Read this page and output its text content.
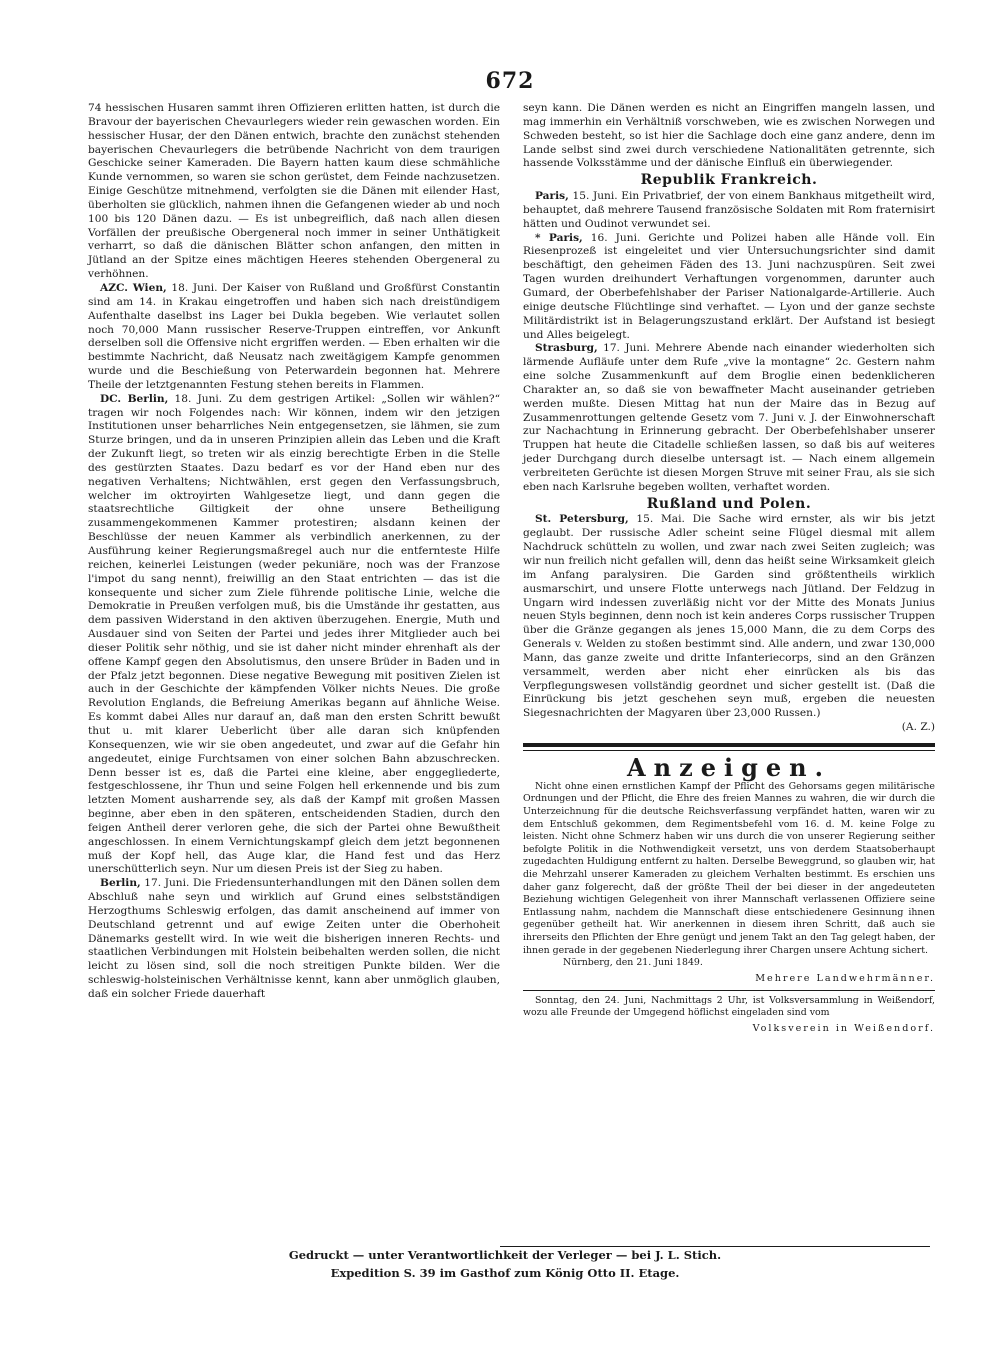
672

74 hessischen Husaren sammt ihren Offizieren erlitten hatten, ist durch die Bravour der bayerischen Chevaurlegers wieder rein gewaschen worden. Ein hessischer Husar, der den Dänen entwich, brachte den zunächst stehenden bayerischen Chevaurlegers die betrübende Nachricht von dem traurigen Geschicke seiner Kameraden. Die Bayern hatten kaum diese schmähliche Kunde vernommen, so waren sie schon gerüstet, dem Feinde nachzusetzen. Einige Geschütze mitnehmend, verfolgten sie die Dänen mit eilender Hast, überholten sie glücklich, nahmen ihnen die Gefangenen wieder ab und noch 100 bis 120 Dänen dazu. — Es ist unbegreiflich, daß nach allen diesen Vorfällen der preußische Obergeneral noch immer in seiner Unthätigkeit verharrt, so daß die dänischen Blätter schon anfangen, den mitten in Jütland an der Spitze eines mächtigen Heeres stehenden Obergeneral zu verhöhnen.

AZC. Wien, 18. Juni. Der Kaiser von Rußland und Großfürst Constantin sind am 14. in Krakau eingetroffen und haben sich nach dreistündigem Aufenthalte daselbst ins Lager bei Dukla begeben. Wie verlautet sollen noch 70,000 Mann russischer Reserve-Truppen eintreffen, vor Ankunft derselben soll die Offensive nicht ergriffen werden. — Eben erhalten wir die bestimmte Nachricht, daß Neusatz nach zweitägigem Kampfe genommen wurde und die Beschießung von Peterwardein begonnen hat. Mehrere Theile der letztgenannten Festung stehen bereits in Flammen.

DC. Berlin, 18. Juni. Zu dem gestrigen Artikel: „Sollen wir wählen?“ tragen wir noch Folgendes nach: Wir können, indem wir den jetzigen Institutionen unser beharrliches Nein entgegensetzen, sie lähmen, sie zum Sturze bringen, und da in unseren Prinzipien allein das Leben und die Kraft der Zukunft liegt, so treten wir als einzig berechtigte Erben in die Stelle des gestürzten Staates. Dazu bedarf es vor der Hand eben nur des negativen Verhaltens; Nichtwählen, erst gegen den Verfassungsbruch, welcher im oktroyirten Wahlgesetze liegt, und dann gegen die staatsrechtliche Giltigkeit der ohne unsere Betheiligung zusammengekommenen Kammer protestiren; alsdann keinen der Beschlüsse der neuen Kammer als verbindlich anerkennen, zu der Ausführung keiner Regierungsmaßregel auch nur die entfernteste Hilfe reichen, keinerlei Leistungen (weder pekuniäre, noch was der Franzose l'impot du sang nennt), freiwillig an den Staat entrichten — das ist die konsequente und sicher zum Ziele führende politische Linie, welche die Demokratie in Preußen verfolgen muß, bis die Umstände ihr gestatten, aus dem passiven Widerstand in den aktiven überzugehen. Energie, Muth und Ausdauer sind von Seiten der Partei und jedes ihrer Mitglieder auch bei dieser Politik sehr nöthig, und sie ist daher nicht minder ehrenhaft als der offene Kampf gegen den Absolutismus, den unsere Brüder in Baden und in der Pfalz jetzt begonnen. Diese negative Bewegung mit positiven Zielen ist auch in der Geschichte der kämpfenden Völker nichts Neues. Die große Revolution Englands, die Befreiung Amerikas begann auf ähnliche Weise. Es kommt dabei Alles nur darauf an, daß man den ersten Schritt bewußt thut u. mit klarer Ueberlicht über alle daran sich knüpfenden Konsequenzen, wie wir sie oben angedeutet, und zwar auf die Gefahr hin angedeutet, einige Furchtsamen von einer solchen Bahn abzuschrecken. Denn besser ist es, daß die Partei eine kleine, aber enggegliederte, festgeschlossene, ihr Thun und seine Folgen hell erkennende und bis zum letzten Moment ausharrende sey, als daß der Kampf mit großen Massen beginne, aber eben in den späteren, entscheidenden Stadien, durch den feigen Antheil derer verloren gehe, die sich der Partei ohne Bewußtheit angeschlossen. In einem Vernichtungskampf gleich dem jetzt begonnenen muß der Kopf hell, das Auge klar, die Hand fest und das Herz unerschütterlich seyn. Nur um diesen Preis ist der Sieg zu haben.

Berlin, 17. Juni. Die Friedensunterhandlungen mit den Dänen sollen dem Abschluß nahe seyn und wirklich auf Grund eines selbstständigen Herzogthums Schleswig erfolgen, das damit anscheinend auf immer von Deutschland getrennt und auf ewige Zeiten unter die Oberhoheit Dänemarks gestellt wird. In wie weit die bisherigen inneren Rechts- und staatlichen Verbindungen mit Holstein beibehalten werden sollen, die nicht leicht zu lösen sind, soll die noch streitigen Punkte bilden. Wer die schleswig-holsteinischen Verhältnisse kennt, kann aber unmöglich glauben, daß ein solcher Friede dauerhaft

seyn kann. Die Dänen werden es nicht an Eingriffen mangeln lassen, und mag immerhin ein Verhältniß vorschweben, wie es zwischen Norwegen und Schweden besteht, so ist hier die Sachlage doch eine ganz andere, denn im Lande selbst sind zwei durch verschiedene Nationalitäten getrennte, sich hassende Volksstämme und der dänische Einfluß ein überwiegender.

Republik Frankreich.

Paris, 15. Juni. Ein Privatbrief, der von einem Bankhaus mitgetheilt wird, behauptet, daß mehrere Tausend französische Soldaten mit Rom fraternisirt hätten und Oudinot verwundet sei.

* Paris, 16. Juni. Gerichte und Polizei haben alle Hände voll. Ein Riesenprozeß ist eingeleitet und vier Untersuchungsrichter sind damit beschäftigt, den geheimen Fäden des 13. Juni nachzuspüren. Seit zwei Tagen wurden dreihundert Verhaftungen vorgenommen, darunter auch Gumard, der Oberbefehlshaber der Pariser Nationalgarde-Artillerie. Auch einige deutsche Flüchtlinge sind verhaftet. — Lyon und der ganze sechste Militärdistrikt ist in Belagerungszustand erklärt. Der Aufstand ist besiegt und Alles beigelegt.

Strasburg, 17. Juni. Mehrere Abende nach einander wiederholten sich lärmende Aufläufe unter dem Rufe „vive la montagne“ 2c. Gestern nahm eine solche Zusammenkunft auf dem Broglie einen bedenklicheren Charakter an, so daß sie von bewaffneter Macht auseinander getrieben werden mußte. Diesen Mittag hat nun der Maire das in Bezug auf Zusammenrottungen geltende Gesetz vom 7. Juni v. J. der Einwohnerschaft zur Nachachtung in Erinnerung gebracht. Der Oberbefehlshaber unserer Truppen hat heute die Citadelle schließen lassen, so daß bis auf weiteres jeder Durchgang durch dieselbe untersagt ist. — Nach einem allgemein verbreiteten Gerüchte ist diesen Morgen Struve mit seiner Frau, als sie sich eben nach Karlsruhe begeben wollten, verhaftet worden.

Rußland und Polen.

St. Petersburg, 15. Mai. Die Sache wird ernster, als wir bis jetzt geglaubt. Der russische Adler scheint seine Flügel diesmal mit allem Nachdruck schütteln zu wollen, und zwar nach zwei Seiten zugleich; was wir nun freilich nicht gefallen will, denn das heißt seine Wirksamkeit gleich im Anfang paralysiren. Die Garden sind größtentheils wirklich ausmarschirt, und unsere Flotte unterwegs nach Jütland. Der Feldzug in Ungarn wird indessen zuverläßig nicht vor der Mitte des Monats Junius neuen Styls beginnen, denn noch ist kein anderes Corps russischer Truppen über die Gränze gegangen als jenes 15,000 Mann, die zu dem Corps des Generals v. Welden zu stoßen bestimmt sind. Alle andern, und zwar 130,000 Mann, das ganze zweite und dritte Infanteriecorps, sind an den Gränzen versammelt, werden aber nicht eher einrücken als bis das Verpflegungswesen vollständig geordnet und sicher gestellt ist. (Daß die Einrückung bis jetzt geschehen seyn muß, ergeben die neuesten Siegesnachrichten der Magyaren über 23,000 Russen.)

(A. Z.)

Anzeigen.

Nicht ohne einen ernstlichen Kampf der Pflicht des Gehorsams gegen militärische Ordnungen und der Pflicht, die Ehre des freien Mannes zu wahren, die wir durch die Unterzeichnung für die deutsche Reichsverfassung verpfändet hatten, waren wir zu dem Entschluß gekommen, dem Regimentsbefehl vom 16. d. M. keine Folge zu leisten. Nicht ohne Schmerz haben wir uns durch die von unserer Regierung seither befolgte Politik in die Nothwendigkeit versetzt, uns von derdem Staatsoberhaupt zugedachten Huldigung entfernt zu halten. Derselbe Beweggrund, so glauben wir, hat die Mehrzahl unserer Kameraden zu gleichem Verhalten bestimmt. Es erschien uns daher ganz folgerecht, daß der größte Theil der bei dieser in der angedeuteten Beziehung wichtigen Gelegenheit von ihrer Mannschaft verlassenen Offiziere seine Entlassung nahm, nachdem die Mannschaft diese entschiedenere Gesinnung ihnen gegenüber getheilt hat. Wir anerkennen in diesem ihren Schritt, daß auch sie ihrerseits den Pflichten der Ehre genügt und jenem Takt an den Tag gelegt haben, der ihnen gerade in der gegebenen Niederlegung ihrer Chargen unsere Achtung sichert.

Nürnberg, den 21. Juni 1849.

Mehrere Landwehrmänner.

Sonntag, den 24. Juni, Nachmittags 2 Uhr, ist Volksversammlung in Weißendorf, wozu alle Freunde der Umgegend höflichst eingeladen sind vom

Volksverein in Weißendorf.
Gedruckt — unter Verantwortlichkeit der Verleger — bei J. L. Stich.
Expedition S. 39 im Gasthof zum König Otto II. Etage.
